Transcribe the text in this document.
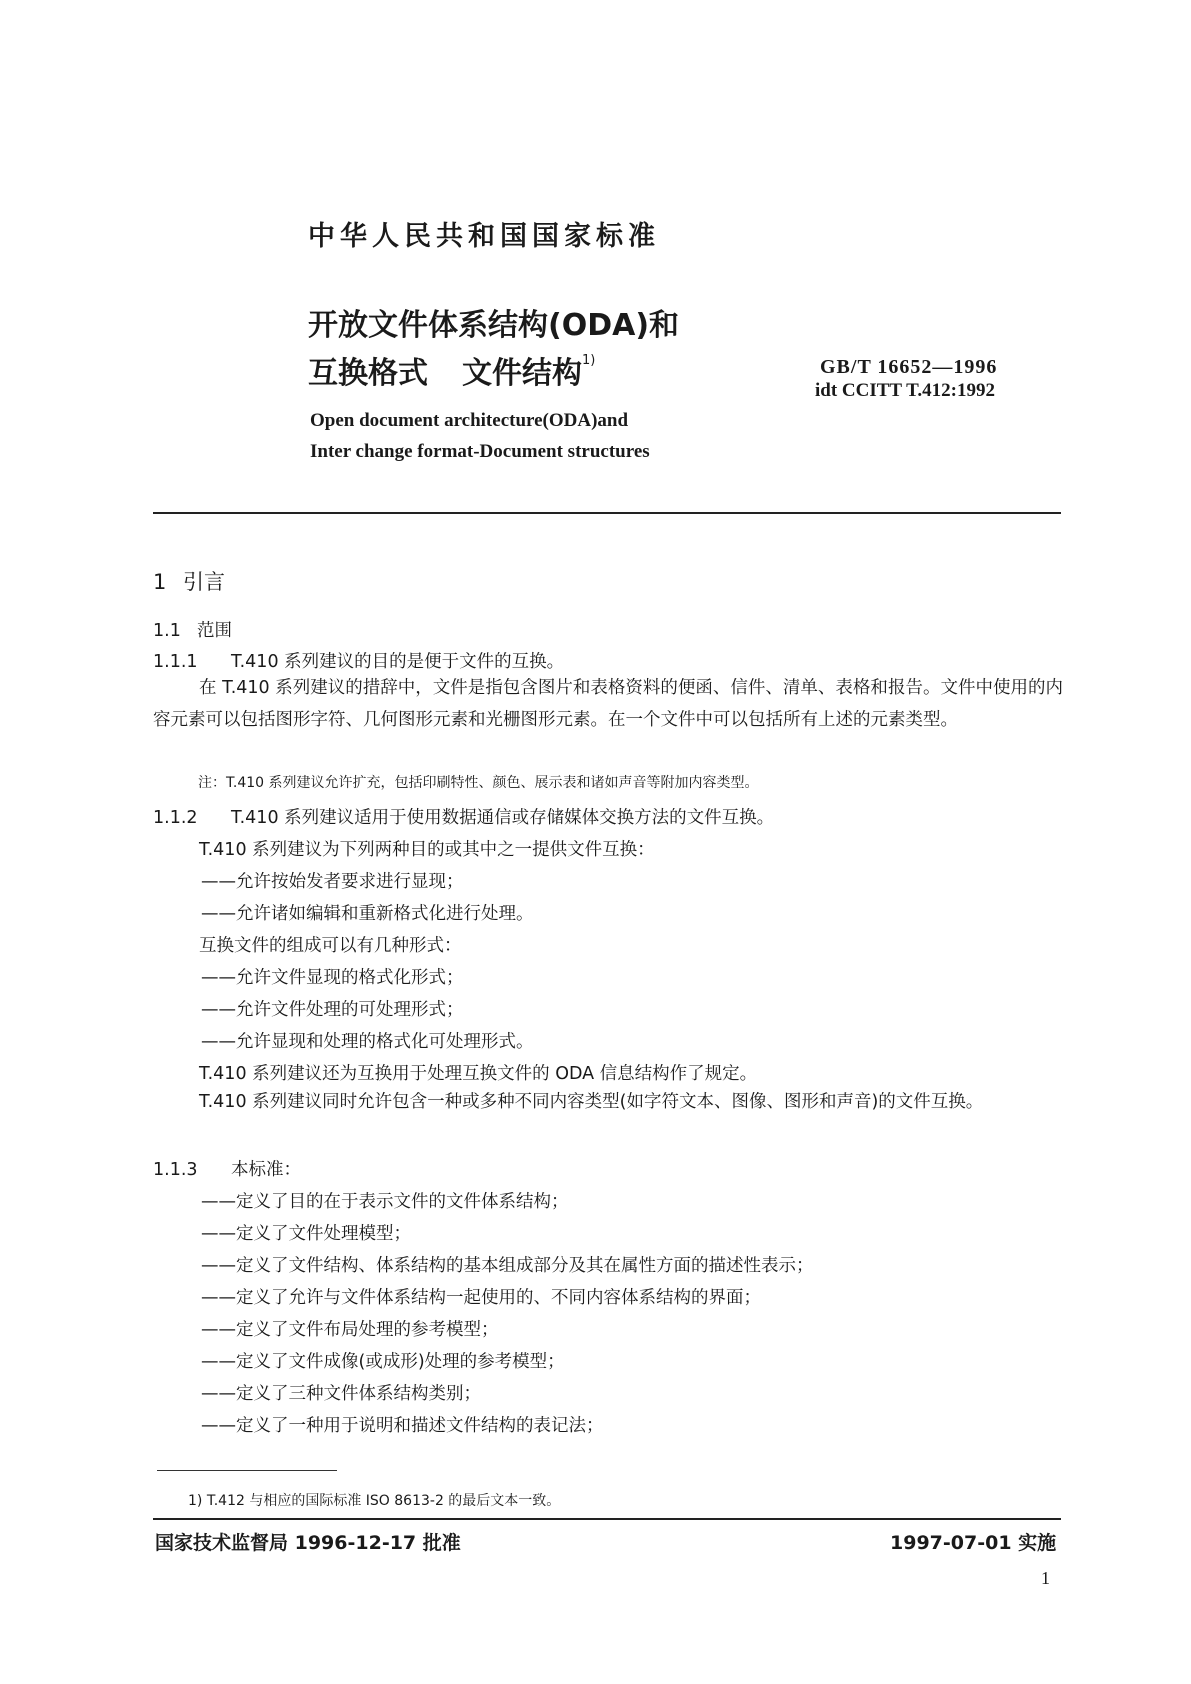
中华人民共和国国家标准
开放文件体系结构(ODA)和
互换格式 文件结构$^{1)}$	GB/T 16652—1996
idt CCITT T.412:1992
Open document architecture(ODA)and
Inter change format-Document structures
1 引言
1.1 范围
1.1.1 T.410 系列建议的目的是便于文件的互换。
在 T.410 系列建议的措辞中，文件是指包含图片和表格资料的便函、信件、清单、表格和报告。文件中使用的内容元素可以包括图形字符、几何图形元素和光栅图形元素。在一个文件中可以包括所有上述的元素类型。
注：T.410 系列建议允许扩充，包括印刷特性、颜色、展示表和诸如声音等附加内容类型。
1.1.2 T.410 系列建议适用于使用数据通信或存储媒体交换方法的文件互换。
T.410 系列建议为下列两种目的或其中之一提供文件互换：
——允许按始发者要求进行显现；
——允许诸如编辑和重新格式化进行处理。
互换文件的组成可以有几种形式：
——允许文件显现的格式化形式；
——允许文件处理的可处理形式；
——允许显现和处理的格式化可处理形式。
T.410 系列建议还为互换用于处理互换文件的 ODA 信息结构作了规定。
T.410 系列建议同时允许包含一种或多种不同内容类型(如字符文本、图像、图形和声音)的文件互换。
1.1.3 本标准：
——定义了目的在于表示文件的文件体系结构；
——定义了文件处理模型；
——定义了文件结构、体系结构的基本组成部分及其在属性方面的描述性表示；
——定义了允许与文件体系结构一起使用的、不同内容体系结构的界面；
——定义了文件布局处理的参考模型；
——定义了文件成像(或成形)处理的参考模型；
——定义了三种文件体系结构类别；
——定义了一种用于说明和描述文件结构的表记法；
1) T.412 与相应的国际标准 ISO 8613-2 的最后文本一致。
国家技术监督局 1996-12-17 批准	1997-07-01 实施
1
